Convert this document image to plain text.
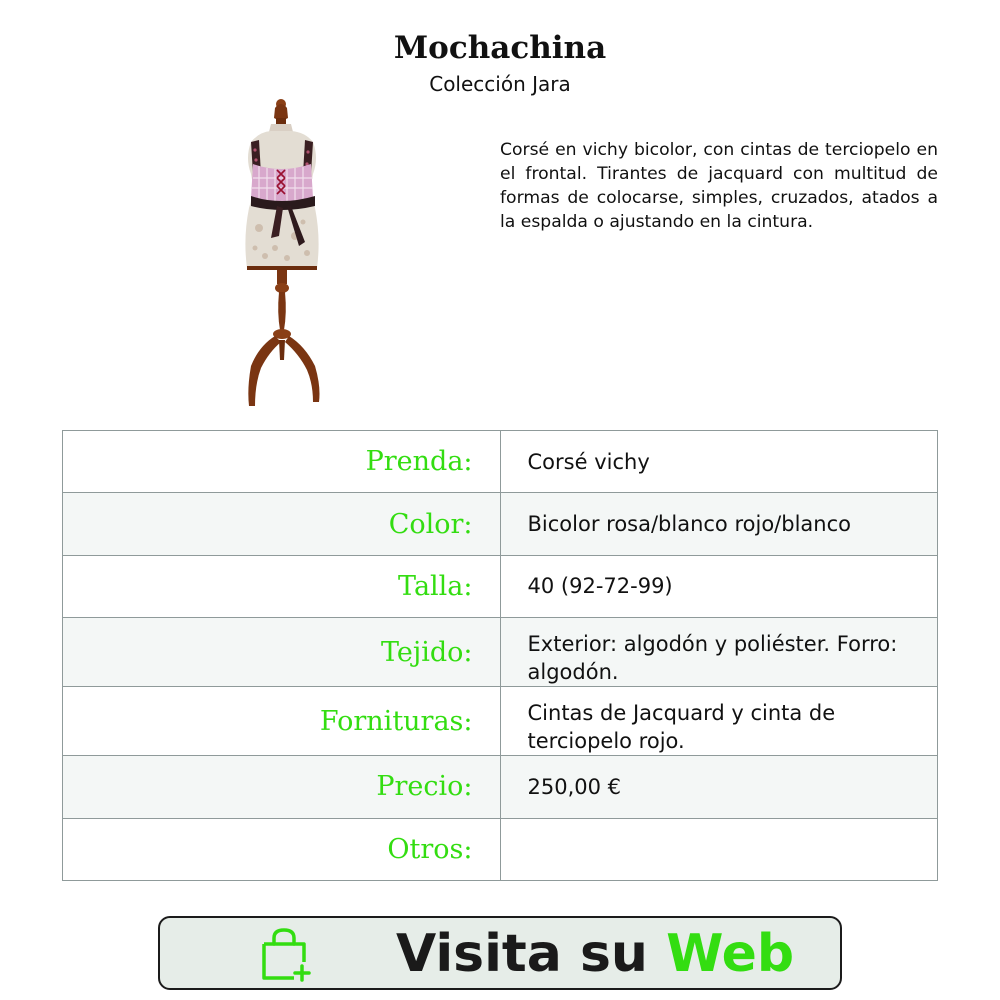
Mochachina
Colección Jara

Corsé en vichy bicolor, con cintas de terciopelo en el frontal. Tirantes de jacquard con multitud de formas de colocarse, simples, cruzados, atados a la espalda o ajustando en la cintura.

Prenda:	Corsé vichy
Color:	Bicolor rosa/blanco rojo/blanco
Talla:	40 (92-72-99)
Tejido:	Exterior: algodón y poliéster. Forro: algodón.
Fornituras:	Cintas de Jacquard y cinta de terciopelo rojo.
Precio:	250,00 €
Otros:	
Visita su Web
